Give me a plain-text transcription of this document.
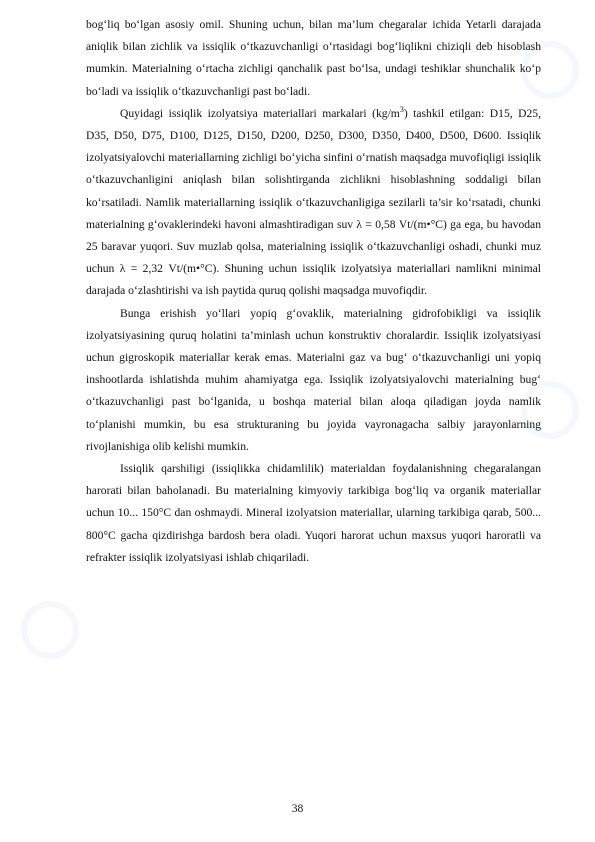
bog‘liq bo‘lgan asosiy omil. Shuning uchun, bilan ma’lum chegaralar ichida Yetarli darajada aniqlik bilan zichlik va issiqlik o‘tkazuvchanligi o‘rtasidagi bog‘liqlikni chiziqli deb hisoblash mumkin. Materialning o‘rtacha zichligi qanchalik past bo‘lsa, undagi teshiklar shunchalik ko‘p bo‘ladi va issiqlik o‘tkazuvchanligi past bo‘ladi.

Quyidagi issiqlik izolyatsiya materiallari markalari $(kg/m^3)$ tashkil etilgan: D15, D25, D35, D50, D75, D100, D125, D150, D200, D250, D300, D350, D400, D500, D600. Issiqlik izolyatsiyalovchi materiallarning zichligi bo‘yicha sinfini o‘rnatish maqsadga muvofiqligi issiqlik o‘tkazuvchanligini aniqlash bilan solishtirganda zichlikni hisoblashning soddaligi bilan ko‘rsatiladi. Namlik materiallarning issiqlik o‘tkazuvchanligiga sezilarli ta’sir ko‘rsatadi, chunki materialning g‘ovaklerindeki havoni almashtiradigan suv λ = 0,58 Vt/(m•°C) ga ega, bu havodan 25 baravar yuqori. Suv muzlab qolsa, materialning issiqlik o‘tkazuvchanligi oshadi, chunki muz uchun λ = 2,32 Vt/(m•°C). Shuning uchun issiqlik izolyatsiya materiallari namlikni minimal darajada o‘zlashtirishi va ish paytida quruq qolishi maqsadga muvofiqdir.

Bunga erishish yo‘llari yopiq g‘ovaklik, materialning gidrofobikligi va issiqlik izolyatsiyasining quruq holatini ta’minlash uchun konstruktiv choralardir. Issiqlik izolyatsiyasi uchun gigroskopik materiallar kerak emas. Materialni gaz va bug‘ o‘tkazuvchanligi uni yopiq inshootlarda ishlatishda muhim ahamiyatga ega. Issiqlik izolyatsiyalovchi materialning bug‘ o‘tkazuvchanligi past bo‘lganida, u boshqa material bilan aloqa qiladigan joyda namlik to‘planishi mumkin, bu esa strukturaning bu joyida vayronagacha salbiy jarayonlarning rivojlanishiga olib kelishi mumkin.

Issiqlik qarshiligi (issiqlikka chidamlilik) materialdan foydalanishning chegaralangan harorati bilan baholanadi. Bu materialning kimyoviy tarkibiga bog‘liq va organik materiallar uchun 10... 150°C dan oshmaydi. Mineral izolyatsion materiallar, ularning tarkibiga qarab, 500... 800°C gacha qizdirishga bardosh bera oladi. Yuqori harorat uchun maxsus yuqori haroratli va refrakter issiqlik izolyatsiyasi ishlab chiqariladi.

38
